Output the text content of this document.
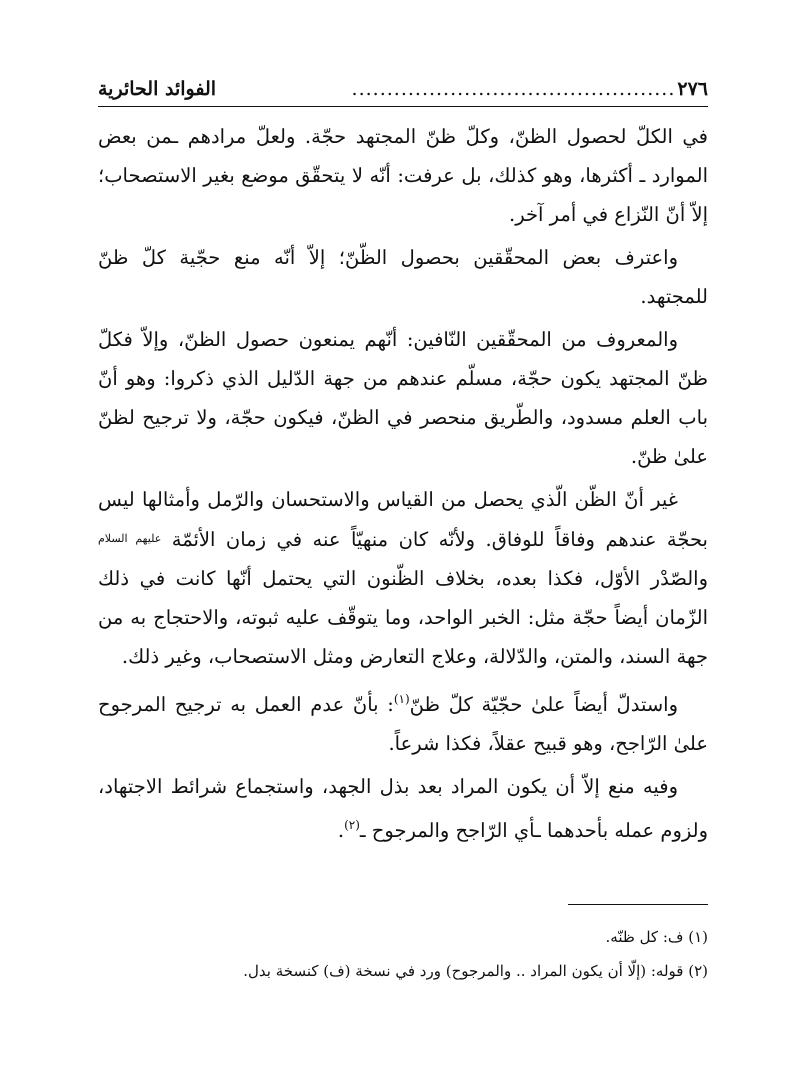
٢٧٦
..............................................
الفوائد الحائرية

في الكلّ لحصول الظنّ، وكلّ ظنّ المجتهد حجّة. ولعلّ مرادهم ـمن بعض الموارد ـ أكثرها، وهو كذلك، بل عرفت: أنّه لا يتحقّق موضع بغير الاستصحاب؛ إلاّ أنّ النّزاع في أمر آخر.

واعترف بعض المحقّقين بحصول الظّنّ؛ إلاّ أنّه منع حجّية كلّ ظنّ للمجتهد.

والمعروف من المحقّقين النّافين: أنّهم يمنعون حصول الظنّ، وإلاّ فكلّ ظنّ المجتهد يكون حجّة، مسلّم عندهم من جهة الدّليل الذي ذكروا: وهو أنّ باب العلم مسدود، والطّريق منحصر في الظنّ، فيكون حجّة، ولا ترجيح لظنّ علىٰ ظنّ.

غير أنّ الظّن الّذي يحصل من القياس والاستحسان والرّمل وأمثالها ليس بحجّة عندهم وفاقاً للوفاق. ولأنّه كان منهيّاً عنه في زمان الأئمّة $^{عليهم السلام}$ والصّدْر الأوّل، فكذا بعده، بخلاف الظّنون التي يحتمل أنّها كانت في ذلك الزّمان أيضاً حجّة مثل: الخبر الواحد، وما يتوقّف عليه ثبوته، والاحتجاج به من جهة السند، والمتن، والدّلالة، وعلاج التعارض ومثل الاستصحاب، وغير ذلك.

واستدلّ أيضاً علىٰ حجّيّة كلّ ظنّ$^{(١)}$: بأنّ عدم العمل به ترجيح المرجوح علىٰ الرّاجح، وهو قبيح عقلاً، فكذا شرعاً.

وفيه منع إلاّ أن يكون المراد بعد بذل الجهد، واستجماع شرائط الاجتهاد، ولزوم عمله بأحدهما ـأي الرّاجح والمرجوح ـ$^{(٢)}$.

(١) ف: كل ظنّه.

(٢) قوله: (إلّا أن يكون المراد .. والمرجوح) ورد في نسخة (ف) كنسخة بدل.
